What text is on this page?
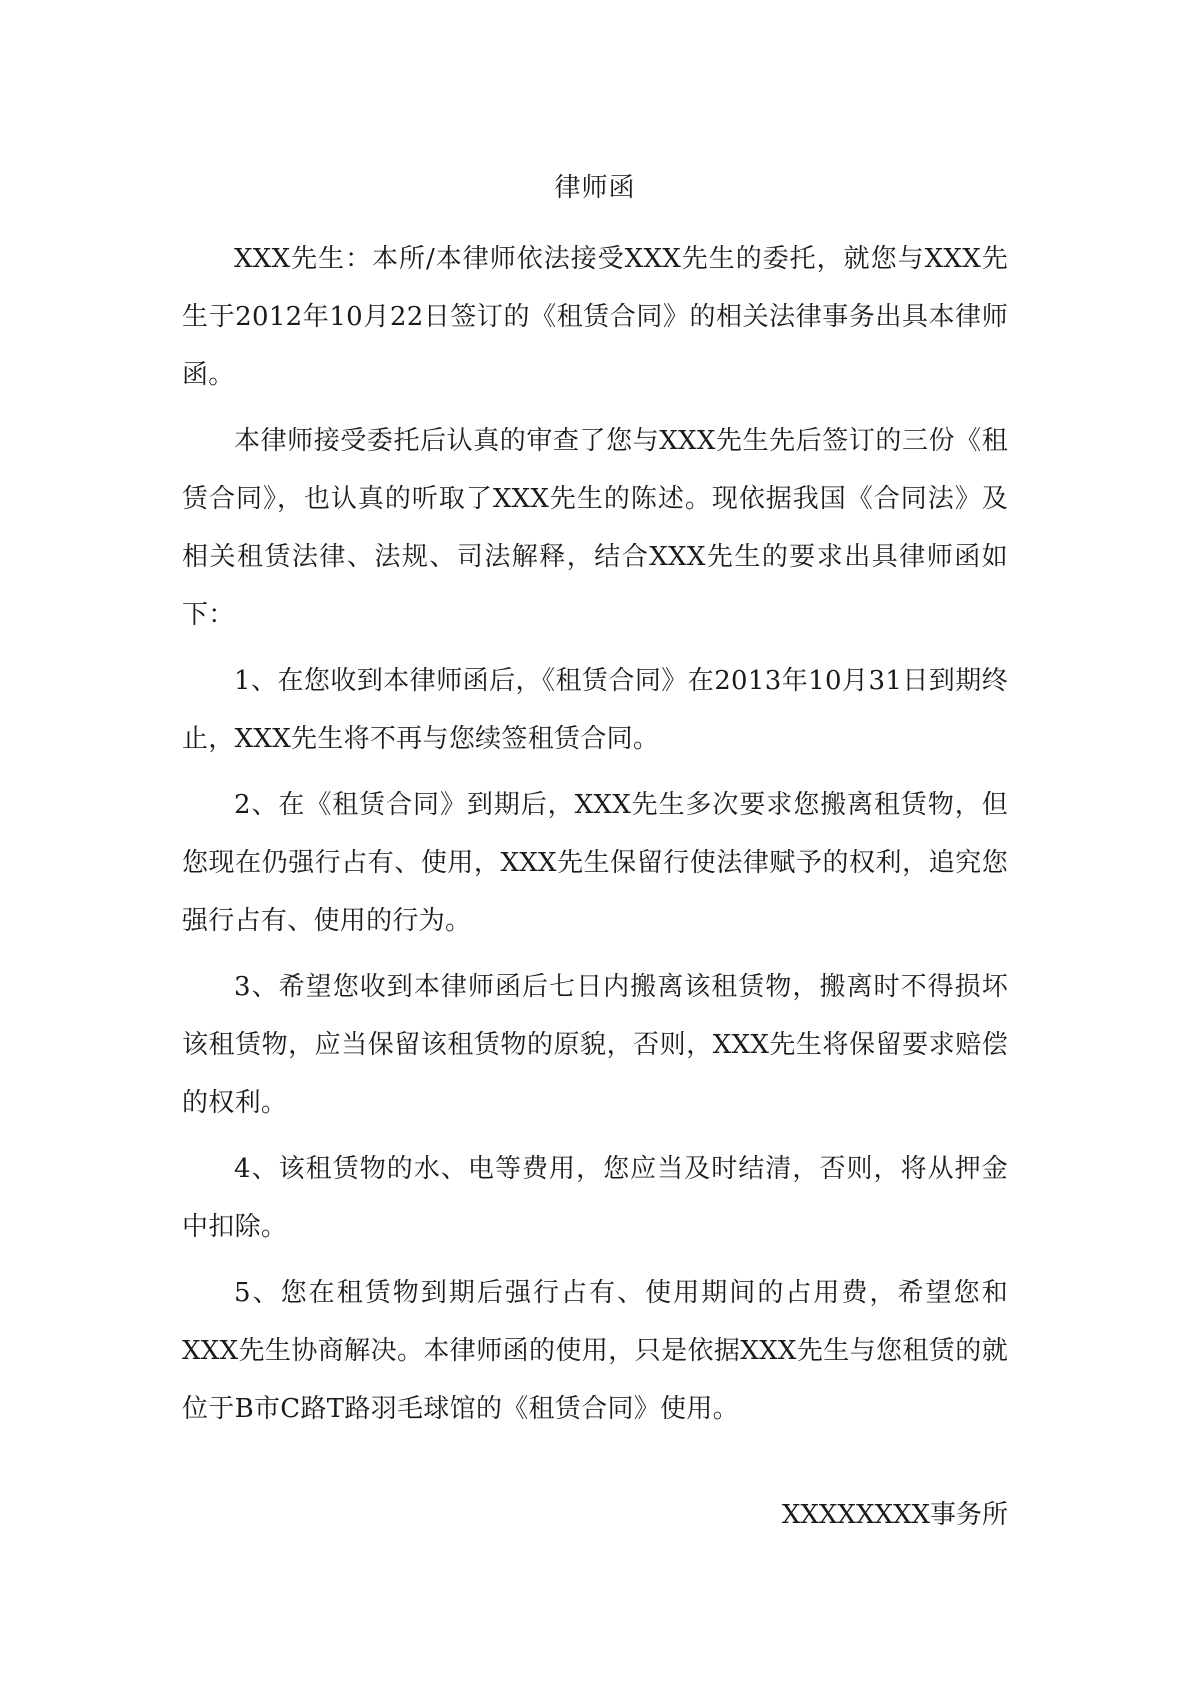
律师函

XXX先生：本所/本律师依法接受XXX先生的委托，就您与XXX先生于2012年10月22日签订的《租赁合同》的相关法律事务出具本律师函。

本律师接受委托后认真的审查了您与XXX先生先后签订的三份《租赁合同》，也认真的听取了XXX先生的陈述。现依据我国《合同法》及相关租赁法律、法规、司法解释，结合XXX先生的要求出具律师函如下：

1、在您收到本律师函后，《租赁合同》在2013年10月31日到期终止，XXX先生将不再与您续签租赁合同。

2、在《租赁合同》到期后，XXX先生多次要求您搬离租赁物，但您现在仍强行占有、使用，XXX先生保留行使法律赋予的权利，追究您强行占有、使用的行为。

3、希望您收到本律师函后七日内搬离该租赁物，搬离时不得损坏该租赁物，应当保留该租赁物的原貌，否则，XXX先生将保留要求赔偿的权利。

4、该租赁物的水、电等费用，您应当及时结清，否则，将从押金中扣除。

5、您在租赁物到期后强行占有、使用期间的占用费，希望您和XXX先生协商解决。本律师函的使用，只是依据XXX先生与您租赁的就位于B市C路T路羽毛球馆的《租赁合同》使用。

XXXXXXXX事务所
